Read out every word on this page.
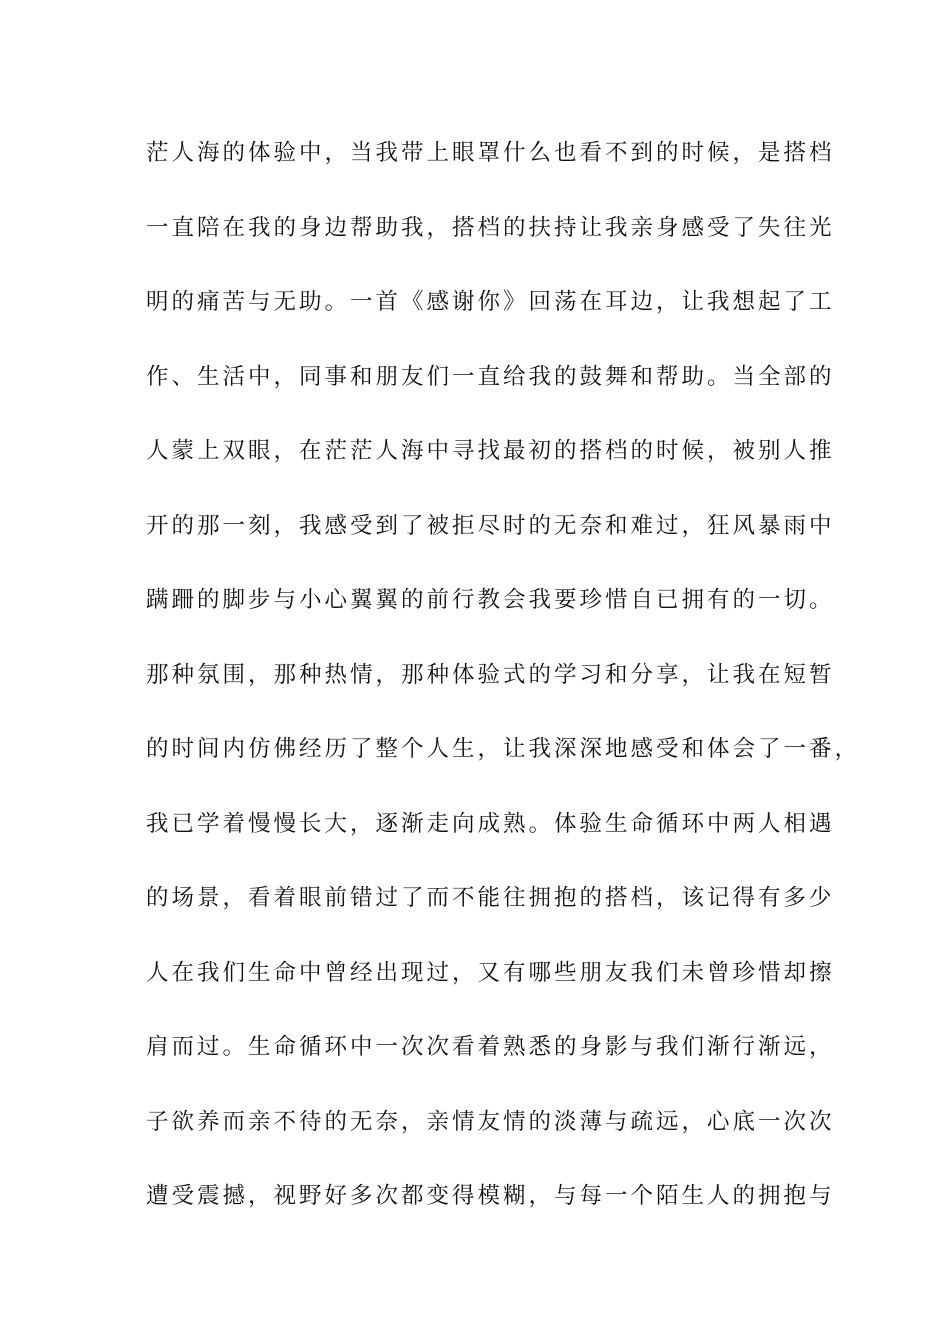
茫人海的体验中，当我带上眼罩什么也看不到的时候，是搭档
一直陪在我的身边帮助我，搭档的扶持让我亲身感受了失往光
明的痛苦与无助。一首《感谢你》回荡在耳边，让我想起了工
作、生活中，同事和朋友们一直给我的鼓舞和帮助。当全部的
人蒙上双眼，在茫茫人海中寻找最初的搭档的时候，被别人推
开的那一刻，我感受到了被拒尽时的无奈和难过，狂风暴雨中
蹒跚的脚步与小心翼翼的前行教会我要珍惜自已拥有的一切。
那种氛围，那种热情，那种体验式的学习和分享，让我在短暂
的时间内仿佛经历了整个人生，让我深深地感受和体会了一番，
我已学着慢慢长大，逐渐走向成熟。体验生命循环中两人相遇
的场景，看着眼前错过了而不能往拥抱的搭档，该记得有多少
人在我们生命中曾经出现过，又有哪些朋友我们未曾珍惜却擦
肩而过。生命循环中一次次看着熟悉的身影与我们渐行渐远，
子欲养而亲不待的无奈，亲情友情的淡薄与疏远，心底一次次
遭受震撼，视野好多次都变得模糊，与每一个陌生人的拥抱与
